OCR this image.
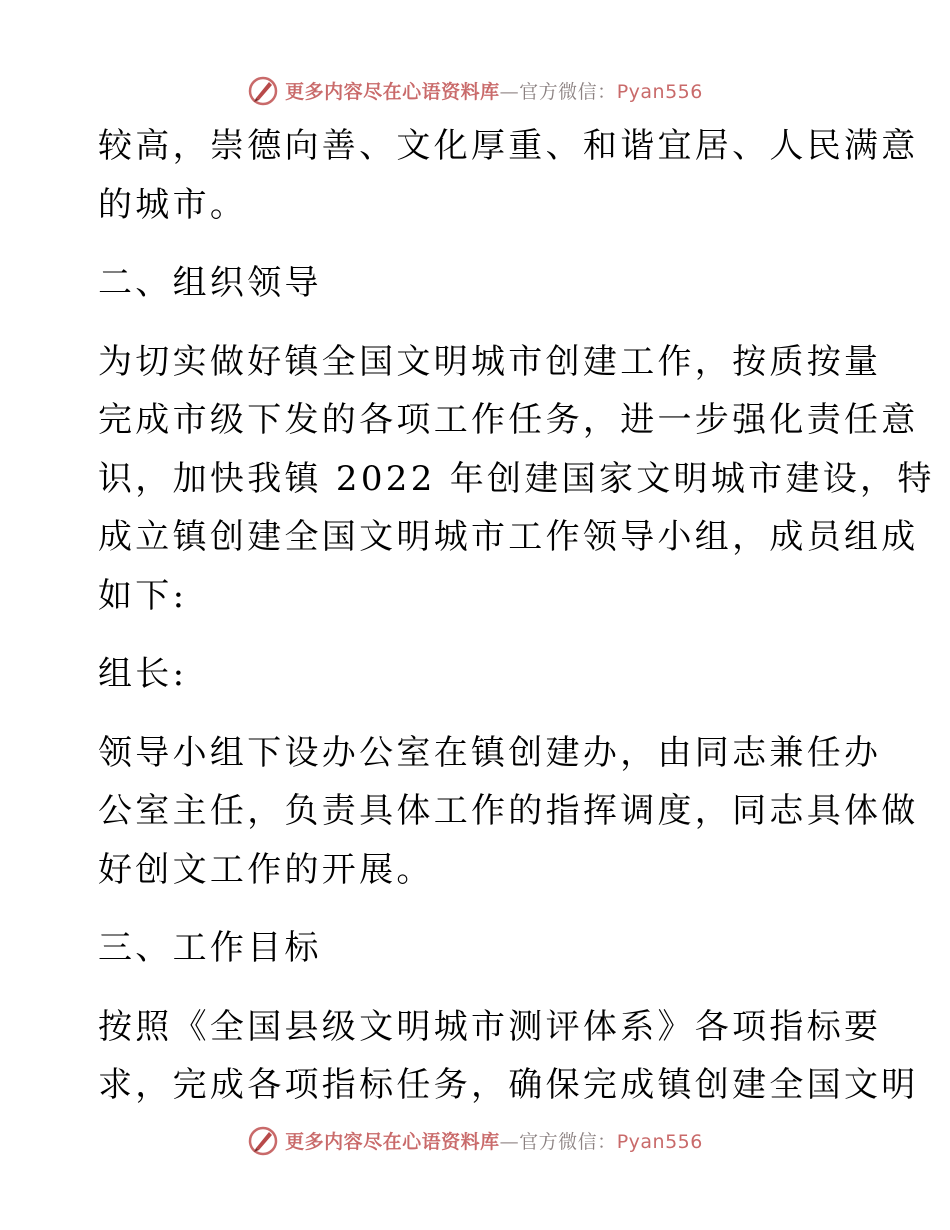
更多内容尽在心语资料库—官方微信：Pyan556
较高，崇德向善、文化厚重、和谐宜居、人民满意
的城市。
二、组织领导
为切实做好镇全国文明城市创建工作，按质按量
完成市级下发的各项工作任务，进一步强化责任意
识，加快我镇 2022 年创建国家文明城市建设，特
成立镇创建全国文明城市工作领导小组，成员组成
如下:
组长:
领导小组下设办公室在镇创建办，由同志兼任办
公室主任，负责具体工作的指挥调度，同志具体做
好创文工作的开展。
三、工作目标
按照《全国县级文明城市测评体系》各项指标要
求，完成各项指标任务，确保完成镇创建全国文明
更多内容尽在心语资料库—官方微信：Pyan556
